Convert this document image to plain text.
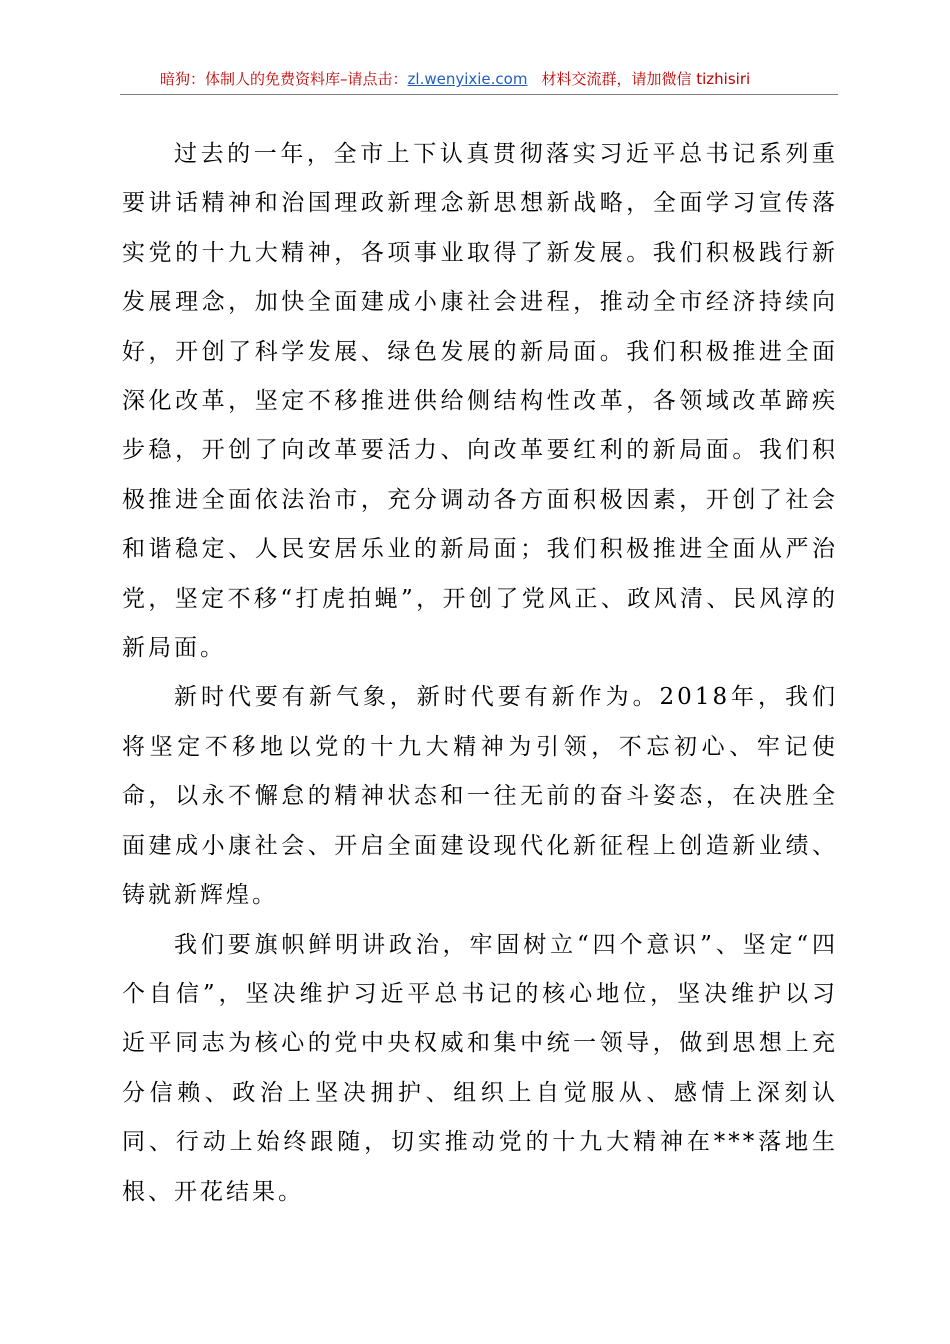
暗狗：体制人的免费资料库–请点击：zl.wenyixie.com 材料交流群，请加微信 tizhisiri

过去的一年，全市上下认真贯彻落实习近平总书记系列重要讲话精神和治国理政新理念新思想新战略，全面学习宣传落实党的十九大精神，各项事业取得了新发展。我们积极践行新发展理念，加快全面建成小康社会进程，推动全市经济持续向好，开创了科学发展、绿色发展的新局面。我们积极推进全面深化改革，坚定不移推进供给侧结构性改革，各领域改革蹄疾步稳，开创了向改革要活力、向改革要红利的新局面。我们积极推进全面依法治市，充分调动各方面积极因素，开创了社会和谐稳定、人民安居乐业的新局面；我们积极推进全面从严治党，坚定不移“打虎拍蝇”，开创了党风正、政风清、民风淳的新局面。

新时代要有新气象，新时代要有新作为。2018年，我们将坚定不移地以党的十九大精神为引领，不忘初心、牢记使命，以永不懈怠的精神状态和一往无前的奋斗姿态，在决胜全面建成小康社会、开启全面建设现代化新征程上创造新业绩、铸就新辉煌。

我们要旗帜鲜明讲政治，牢固树立“四个意识”、坚定“四个自信”，坚决维护习近平总书记的核心地位，坚决维护以习近平同志为核心的党中央权威和集中统一领导，做到思想上充分信赖、政治上坚决拥护、组织上自觉服从、感情上深刻认同、行动上始终跟随，切实推动党的十九大精神在***落地生根、开花结果。
